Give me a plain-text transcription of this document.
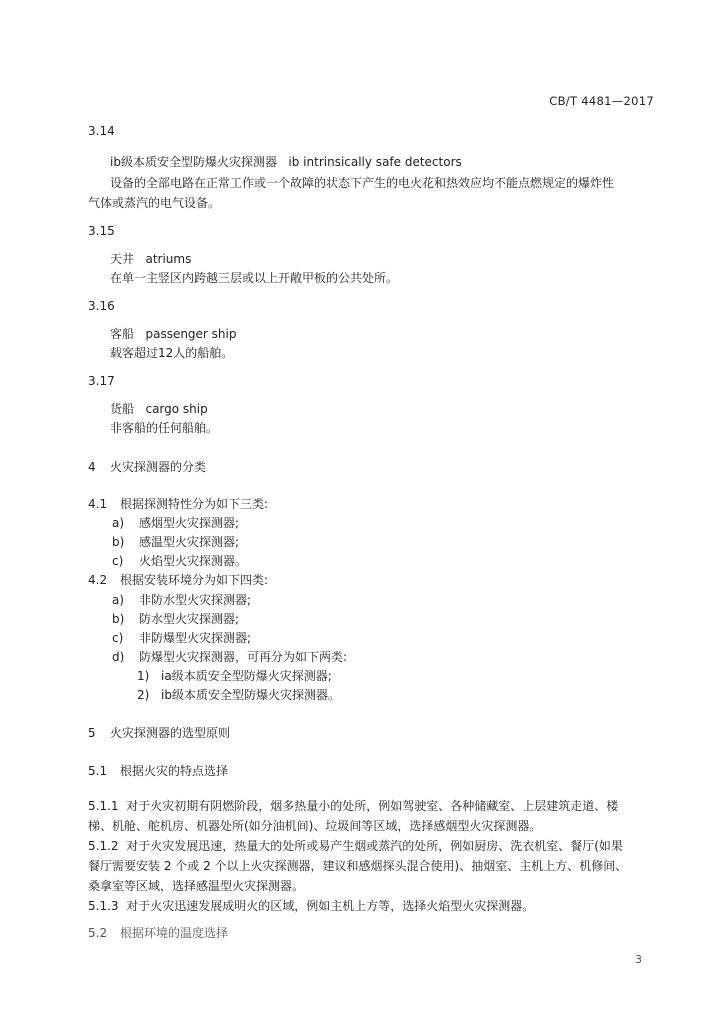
CB/T 4481—2017
3.14
ib级本质安全型防爆火灾探测器 ib intrinsically safe detectors
设备的全部电路在正常工作或一个故障的状态下产生的电火花和热效应均不能点燃规定的爆炸性
气体或蒸汽的电气设备。
3.15
天井 atriums
在单一主竖区内跨越三层或以上开敞甲板的公共处所。
3.16
客船 passenger ship
载客超过12人的船舶。
3.17
货船 cargo ship
非客船的任何船舶。
4 火灾探测器的分类
4.1 根据探测特性分为如下三类:
a) 感烟型火灾探测器;
b) 感温型火灾探测器;
c) 火焰型火灾探测器。
4.2 根据安装环境分为如下四类:
a) 非防水型火灾探测器;
b) 防水型火灾探测器;
c) 非防爆型火灾探测器;
d) 防爆型火灾探测器，可再分为如下两类:
1) ia级本质安全型防爆火灾探测器;
2) ib级本质安全型防爆火灾探测器。
5 火灾探测器的选型原则
5.1 根据火灾的特点选择
5.1.1 对于火灾初期有阴燃阶段，烟多热量小的处所，例如驾驶室、各种储藏室、上层建筑走道、楼
梯、机舱、舵机房、机器处所(如分油机间)、垃圾间等区域，选择感烟型火灾探测器。
5.1.2 对于火灾发展迅速，热量大的处所或易产生烟或蒸汽的处所，例如厨房、洗衣机室、餐厅(如果
餐厅需要安装 2 个或 2 个以上火灾探测器，建议和感烟探头混合使用)、抽烟室、主机上方、机修间、
桑拿室等区域，选择感温型火灾探测器。
5.1.3 对于火灾迅速发展成明火的区域，例如主机上方等，选择火焰型火灾探测器。
5.2 根据环境的温度选择
3
